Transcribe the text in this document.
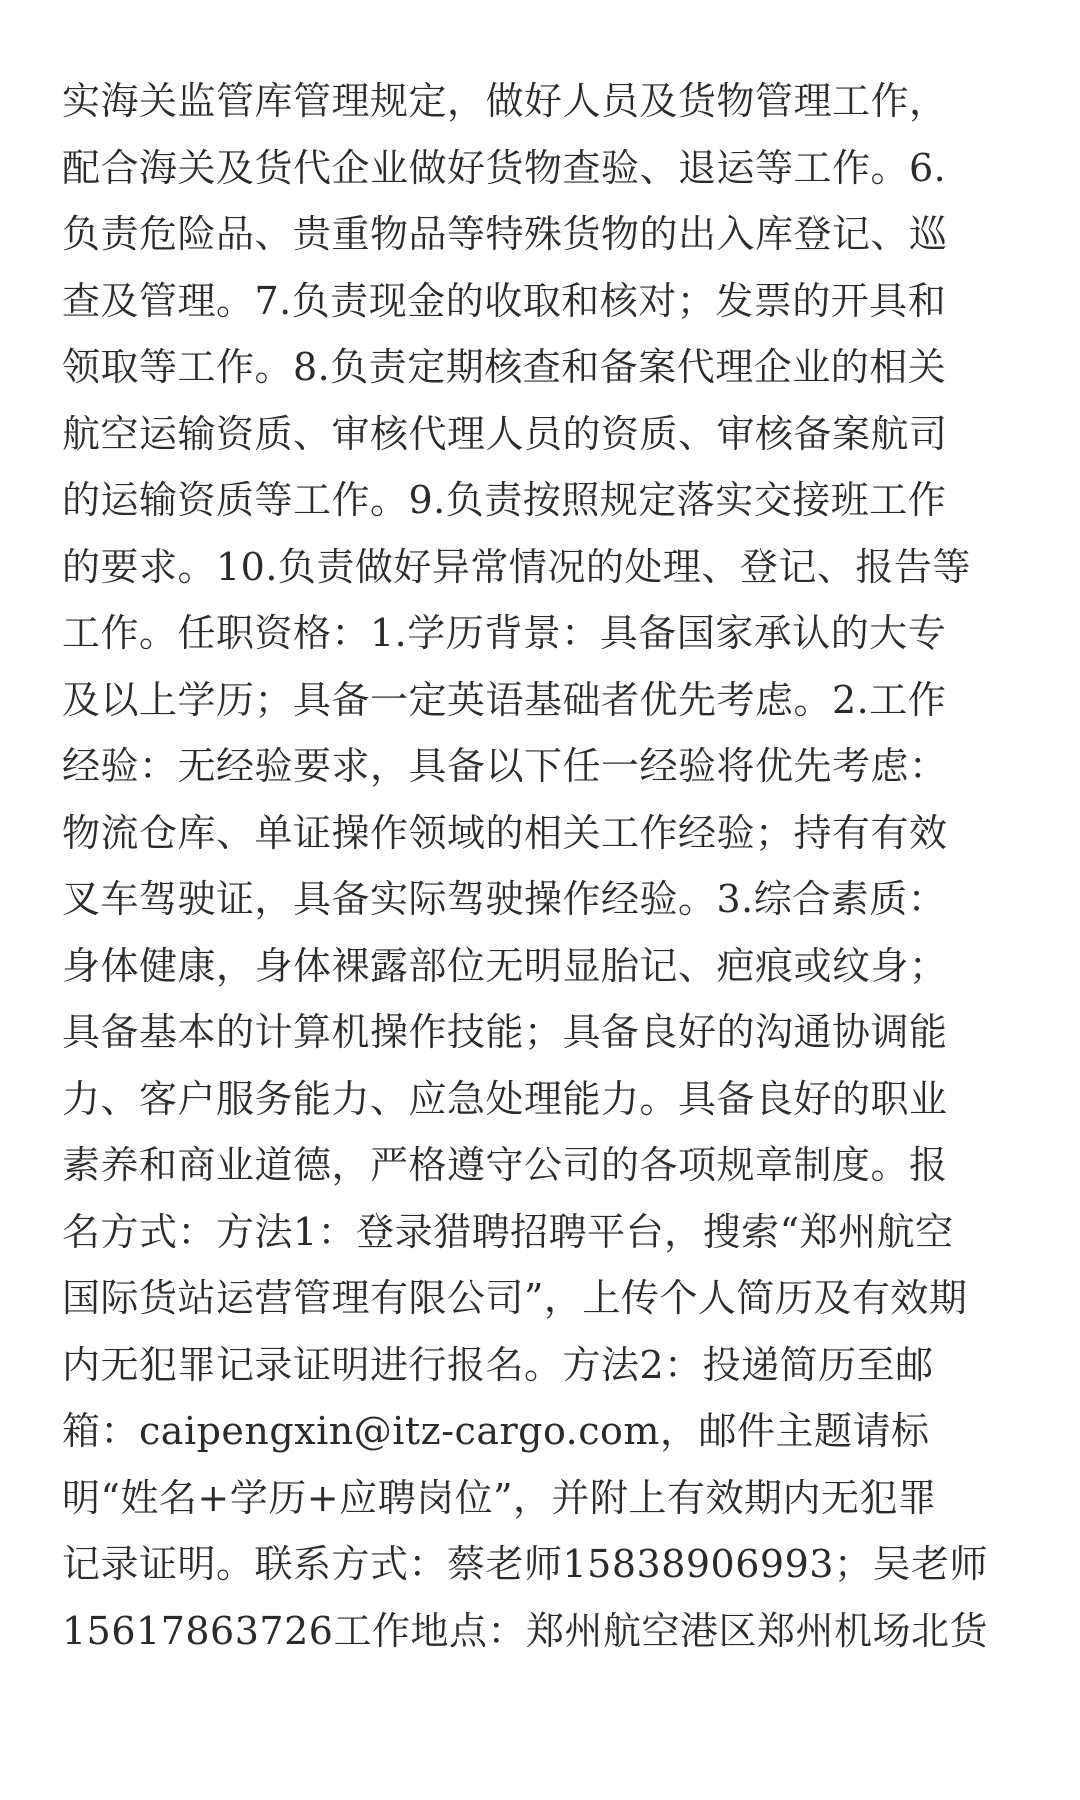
实海关监管库管理规定，做好人员及货物管理工作，
配合海关及货代企业做好货物查验、退运等工作。6.
负责危险品、贵重物品等特殊货物的出入库登记、巡
查及管理。7.负责现金的收取和核对；发票的开具和
领取等工作。8.负责定期核查和备案代理企业的相关
航空运输资质、审核代理人员的资质、审核备案航司
的运输资质等工作。9.负责按照规定落实交接班工作
的要求。10.负责做好异常情况的处理、登记、报告等
工作。任职资格：1.学历背景：具备国家承认的大专
及以上学历；具备一定英语基础者优先考虑。2.工作
经验：无经验要求，具备以下任一经验将优先考虑：
物流仓库、单证操作领域的相关工作经验；持有有效
叉车驾驶证，具备实际驾驶操作经验。3.综合素质：
身体健康，身体裸露部位无明显胎记、疤痕或纹身；
具备基本的计算机操作技能；具备良好的沟通协调能
力、客户服务能力、应急处理能力。具备良好的职业
素养和商业道德，严格遵守公司的各项规章制度。报
名方式：方法1：登录猎聘招聘平台，搜索“郑州航空
国际货站运营管理有限公司”，上传个人简历及有效期
内无犯罪记录证明进行报名。方法2：投递简历至邮
箱：caipengxin@itz-cargo.com，邮件主题请标
明“姓名+学历+应聘岗位”，并附上有效期内无犯罪
记录证明。联系方式：蔡老师15838906993；吴老师
15617863726工作地点：郑州航空港区郑州机场北货
